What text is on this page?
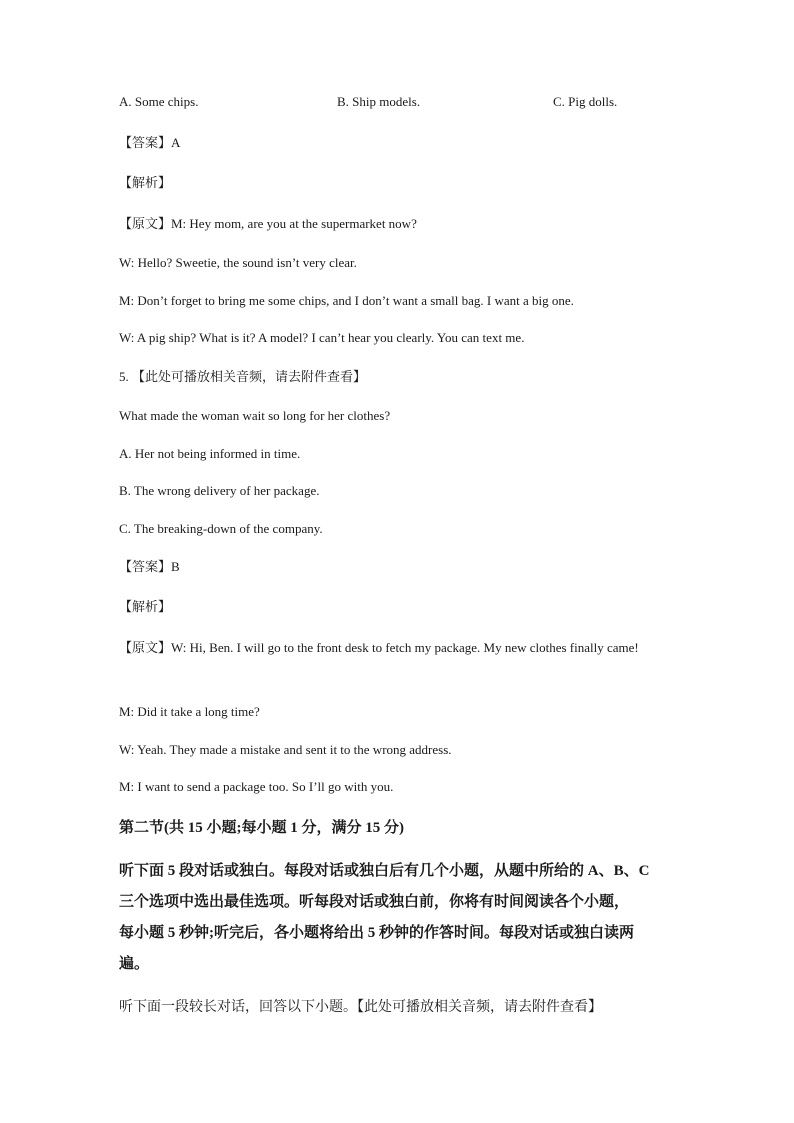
A. Some chips.	B. Ship models.	C. Pig dolls.
【答案】A
【解析】
【原文】M: Hey mom, are you at the supermarket now?
W: Hello? Sweetie, the sound isn’t very clear.
M: Don’t forget to bring me some chips, and I don’t want a small bag. I want a big one.
W: A pig ship? What is it? A model? I can’t hear you clearly. You can text me.
5. 【此处可播放相关音频，请去附件查看】
What made the woman wait so long for her clothes?
A. Her not being informed in time.
B. The wrong delivery of her package.
C. The breaking-down of the company.
【答案】B
【解析】
【原文】W: Hi, Ben. I will go to the front desk to fetch my package. My new clothes finally came!
M: Did it take a long time?
W: Yeah. They made a mistake and sent it to the wrong address.
M: I want to send a package too. So I’ll go with you.
第二节(共 15 小题;每小题 1 分，满分 15 分)
听下面 5 段对话或独白。每段对话或独白后有几个小题，从题中所给的 A、B、C
三个选项中选出最佳选项。听每段对话或独白前，你将有时间阅读各个小题，
每小题 5 秒钟;听完后，各小题将给出 5 秒钟的作答时间。每段对话或独白读两
遍。
听下面一段较长对话，回答以下小题。【此处可播放相关音频，请去附件查看】
